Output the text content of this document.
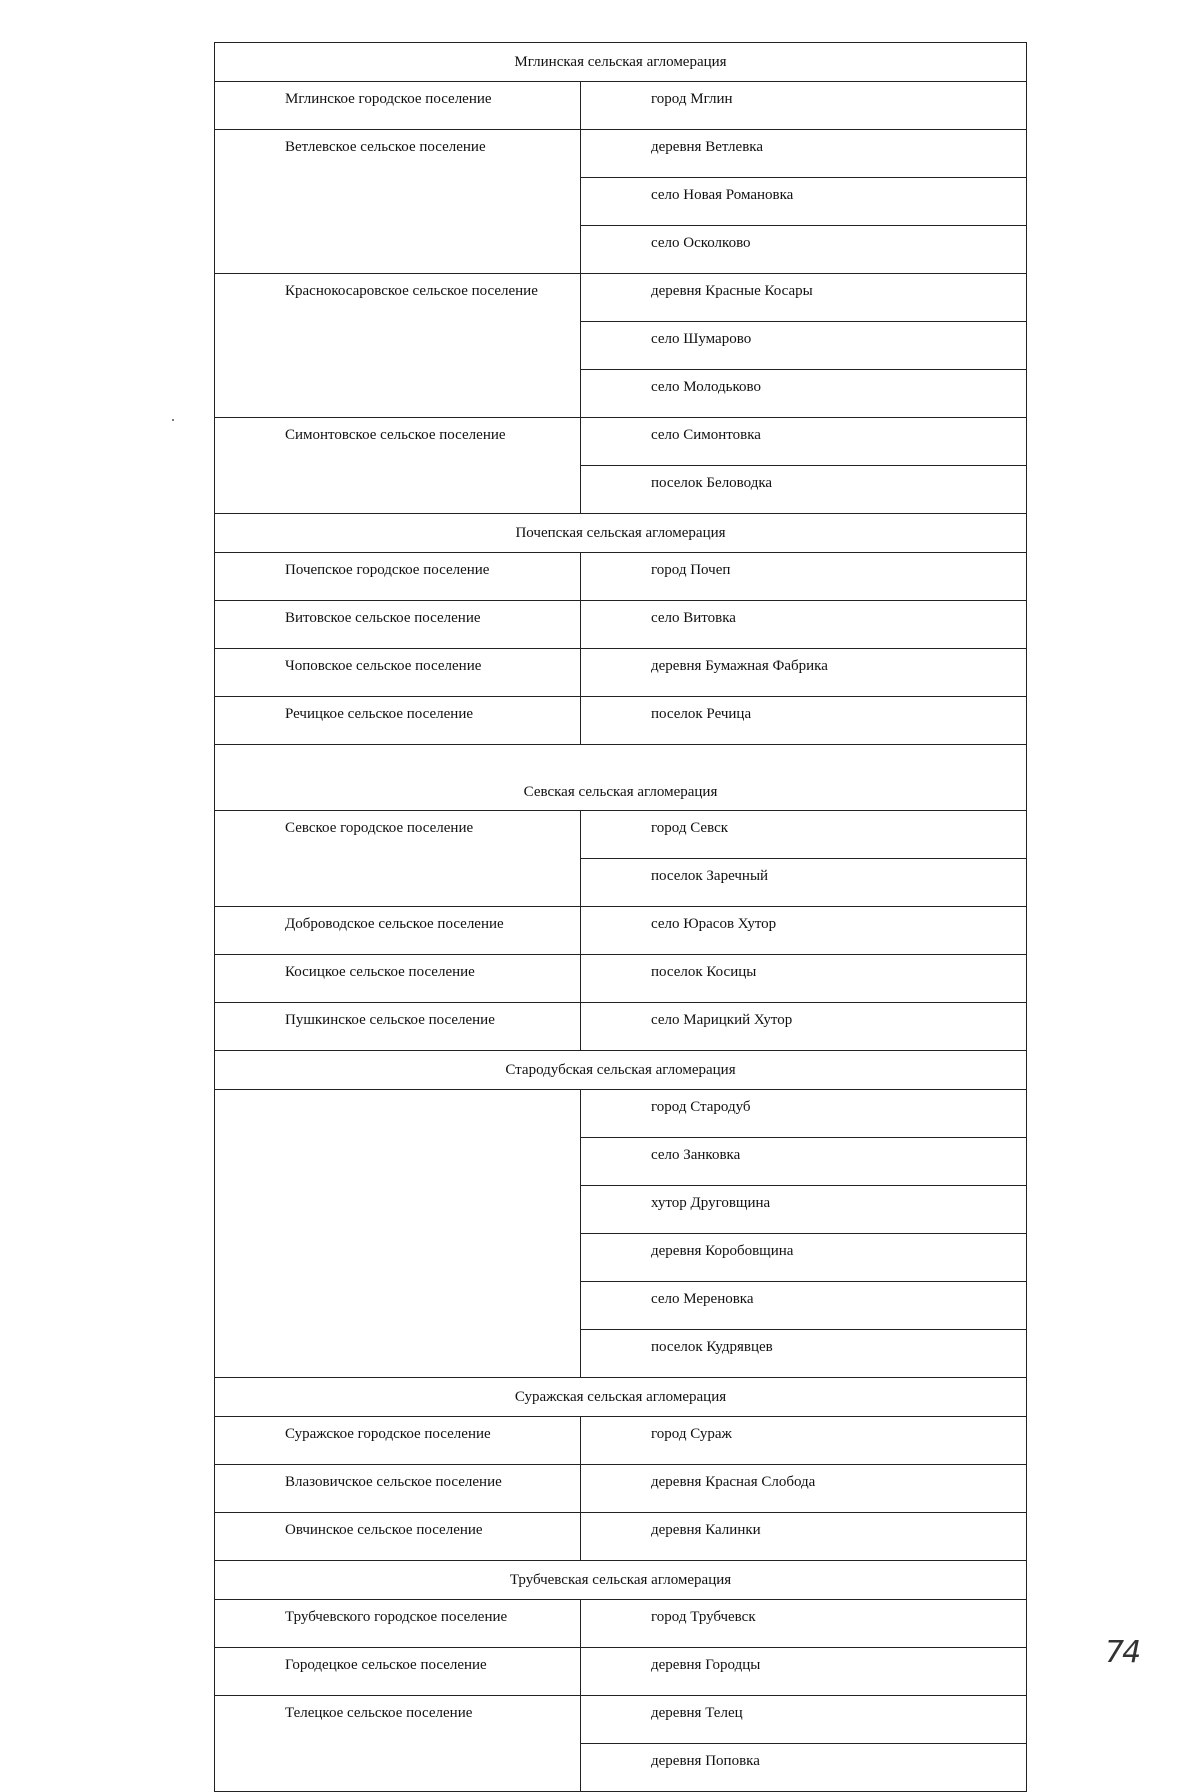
Мглинская сельская агломерация	
Мглинское городское поселение	город Мглин
Ветлевское сельское поселение	деревня Ветлевка
	село Новая Романовка
	село Осколково
Краснокосаровское сельское поселение	деревня Красные Косары
	село Шумарово
	село Молодьково
Симонтовское сельское поселение	село Симонтовка
	поселок Беловодка
Почепская сельская агломерация	
Почепское городское поселение	город Почеп
Витовское сельское поселение	село Витовка
Чоповское сельское поселение	деревня Бумажная Фабрика
Речицкое сельское поселение	поселок Речица
Севская сельская агломерация	
Севское городское поселение	город Севск
	поселок Заречный
Доброводское сельское поселение	село Юрасов Хутор
Косицкое сельское поселение	поселок Косицы
Пушкинское сельское поселение	село Марицкий Хутор
Стародубская сельская агломерация	
	город Стародуб
	село Занковка
	хутор Друговщина
	деревня Коробовщина
	село Мереновка
	поселок Кудрявцев
Суражская сельская агломерация	
Суражское городское поселение	город Сураж
Влазовичское сельское поселение	деревня Красная Слобода
Овчинское сельское поселение	деревня Калинки
Трубчевская сельская агломерация	
Трубчевского городское поселение	город Трубчевск
Городецкое сельское поселение	деревня Городцы
Телецкое сельское поселение	деревня Телец
	деревня Поповка
74
